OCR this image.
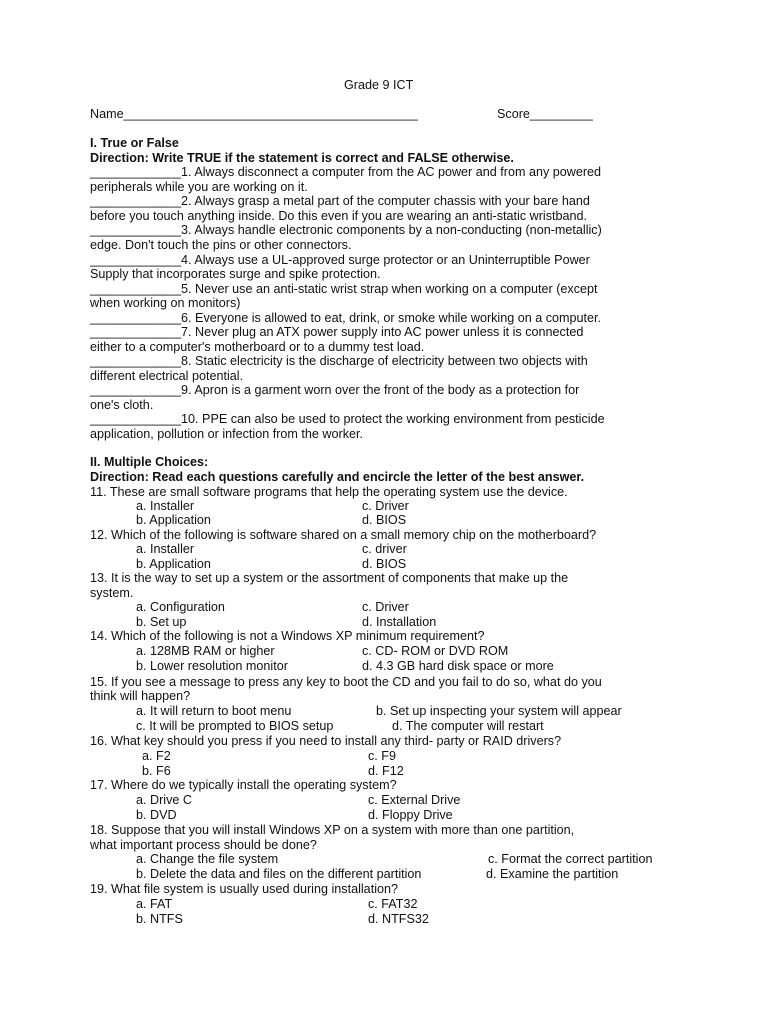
Grade 9 ICT
Name__________________________________________	Score_________
I. True or False
Direction: Write TRUE if the statement is correct and FALSE otherwise.
_____________1. Always disconnect a computer from the AC power and from any powered
peripherals while you are working on it.
_____________2. Always grasp a metal part of the computer chassis with your bare hand
before you touch anything inside. Do this even if you are wearing an anti-static wristband.
_____________3. Always handle electronic components by a non-conducting (non-metallic)
edge. Don't touch the pins or other connectors.
_____________4. Always use a UL-approved surge protector or an Uninterruptible Power
Supply that incorporates surge and spike protection.
_____________5. Never use an anti-static wrist strap when working on a computer (except
when working on monitors)
_____________6. Everyone is allowed to eat, drink, or smoke while working on a computer.
_____________7. Never plug an ATX power supply into AC power unless it is connected
either to a computer's motherboard or to a dummy test load.
_____________8. Static electricity is the discharge of electricity between two objects with
different electrical potential.
_____________9. Apron is a garment worn over the front of the body as a protection for
one's cloth.
_____________10. PPE can also be used to protect the working environment from pesticide
application, pollution or infection from the worker.
II. Multiple Choices:
Direction: Read each questions carefully and encircle the letter of the best answer.
11. These are small software programs that help the operating system use the device.
a. Installer	c. Driver
b. Application	d. BIOS
12. Which of the following is software shared on a small memory chip on the motherboard?
a. Installer	c. driver
b. Application	d. BIOS
13. It is the way to set up a system or the assortment of components that make up the
system.
a. Configuration	c. Driver
b. Set up	d. Installation
14. Which of the following is not a Windows XP minimum requirement?
a. 128MB RAM or higher	c. CD- ROM or DVD ROM
b. Lower resolution monitor	d. 4.3 GB hard disk space or more
15. If you see a message to press any key to boot the CD and you fail to do so, what do you
think will happen?
a. It will return to boot menu	b. Set up inspecting your system will appear
c. It will be prompted to BIOS setup	d. The computer will restart
16. What key should you press if you need to install any third- party or RAID drivers?
a. F2	c. F9
b. F6	d. F12
17. Where do we typically install the operating system?
a. Drive C	c. External Drive
b. DVD	d. Floppy Drive
18. Suppose that you will install Windows XP on a system with more than one partition,
what important process should be done?
a. Change the file system	c. Format the correct partition
b. Delete the data and files on the different partition	d. Examine the partition
19. What file system is usually used during installation?
a. FAT	c. FAT32
b. NTFS	d. NTFS32
